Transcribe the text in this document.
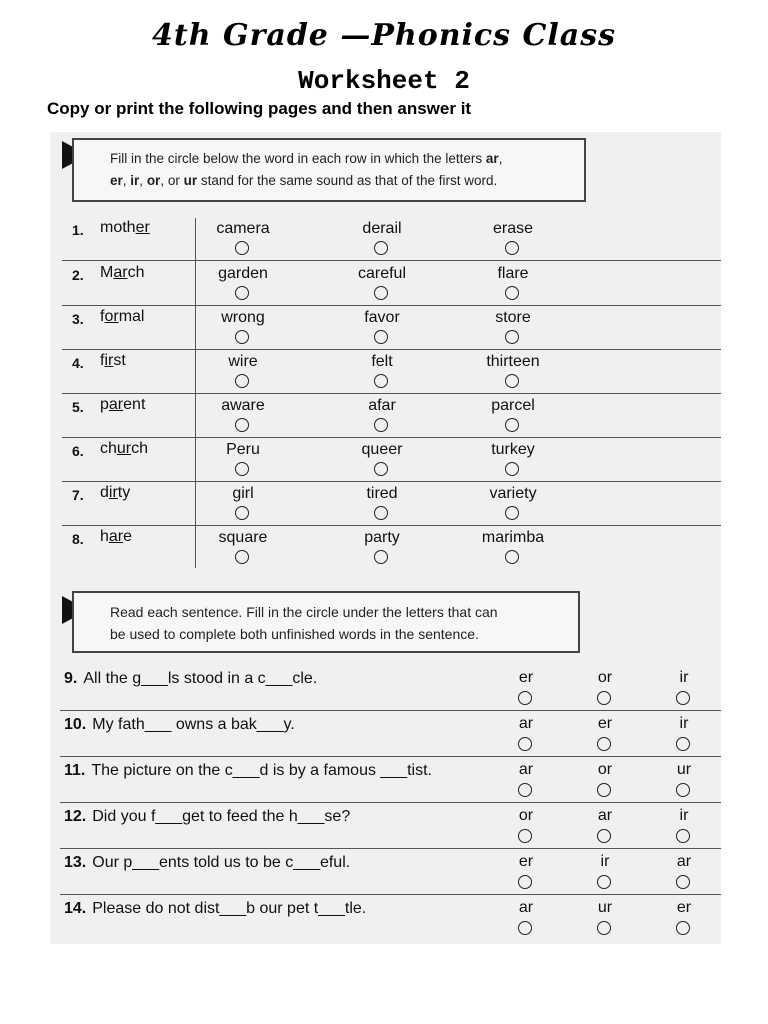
4th Grade —Phonics Class
Worksheet 2
Copy or print the following pages and then answer it
Fill in the circle below the word in each row in which the letters ar,
er, ir, or, or ur stand for the same sound as that of the first word.
1. mother	camera	derail	erase
2. March	garden	careful	flare
3. formal	wrong	favor	store
4. first	wire	felt	thirteen
5. parent	aware	afar	parcel
6. church	Peru	queer	turkey
7. dirty	girl	tired	variety
8. hare	square	party	marimba
Read each sentence. Fill in the circle under the letters that can
be used to complete both unfinished words in the sentence.
9. All the g___ls stood in a c___cle.	er	or	ir
10. My fath___ owns a bak___y.	ar	er	ir
11. The picture on the c___d is by a famous ___tist.	ar	or	ur
12. Did you f___get to feed the h___se?	or	ar	ir
13. Our p___ents told us to be c___eful.	er	ir	ar
14. Please do not dist___b our pet t___tle.	ar	ur	er
